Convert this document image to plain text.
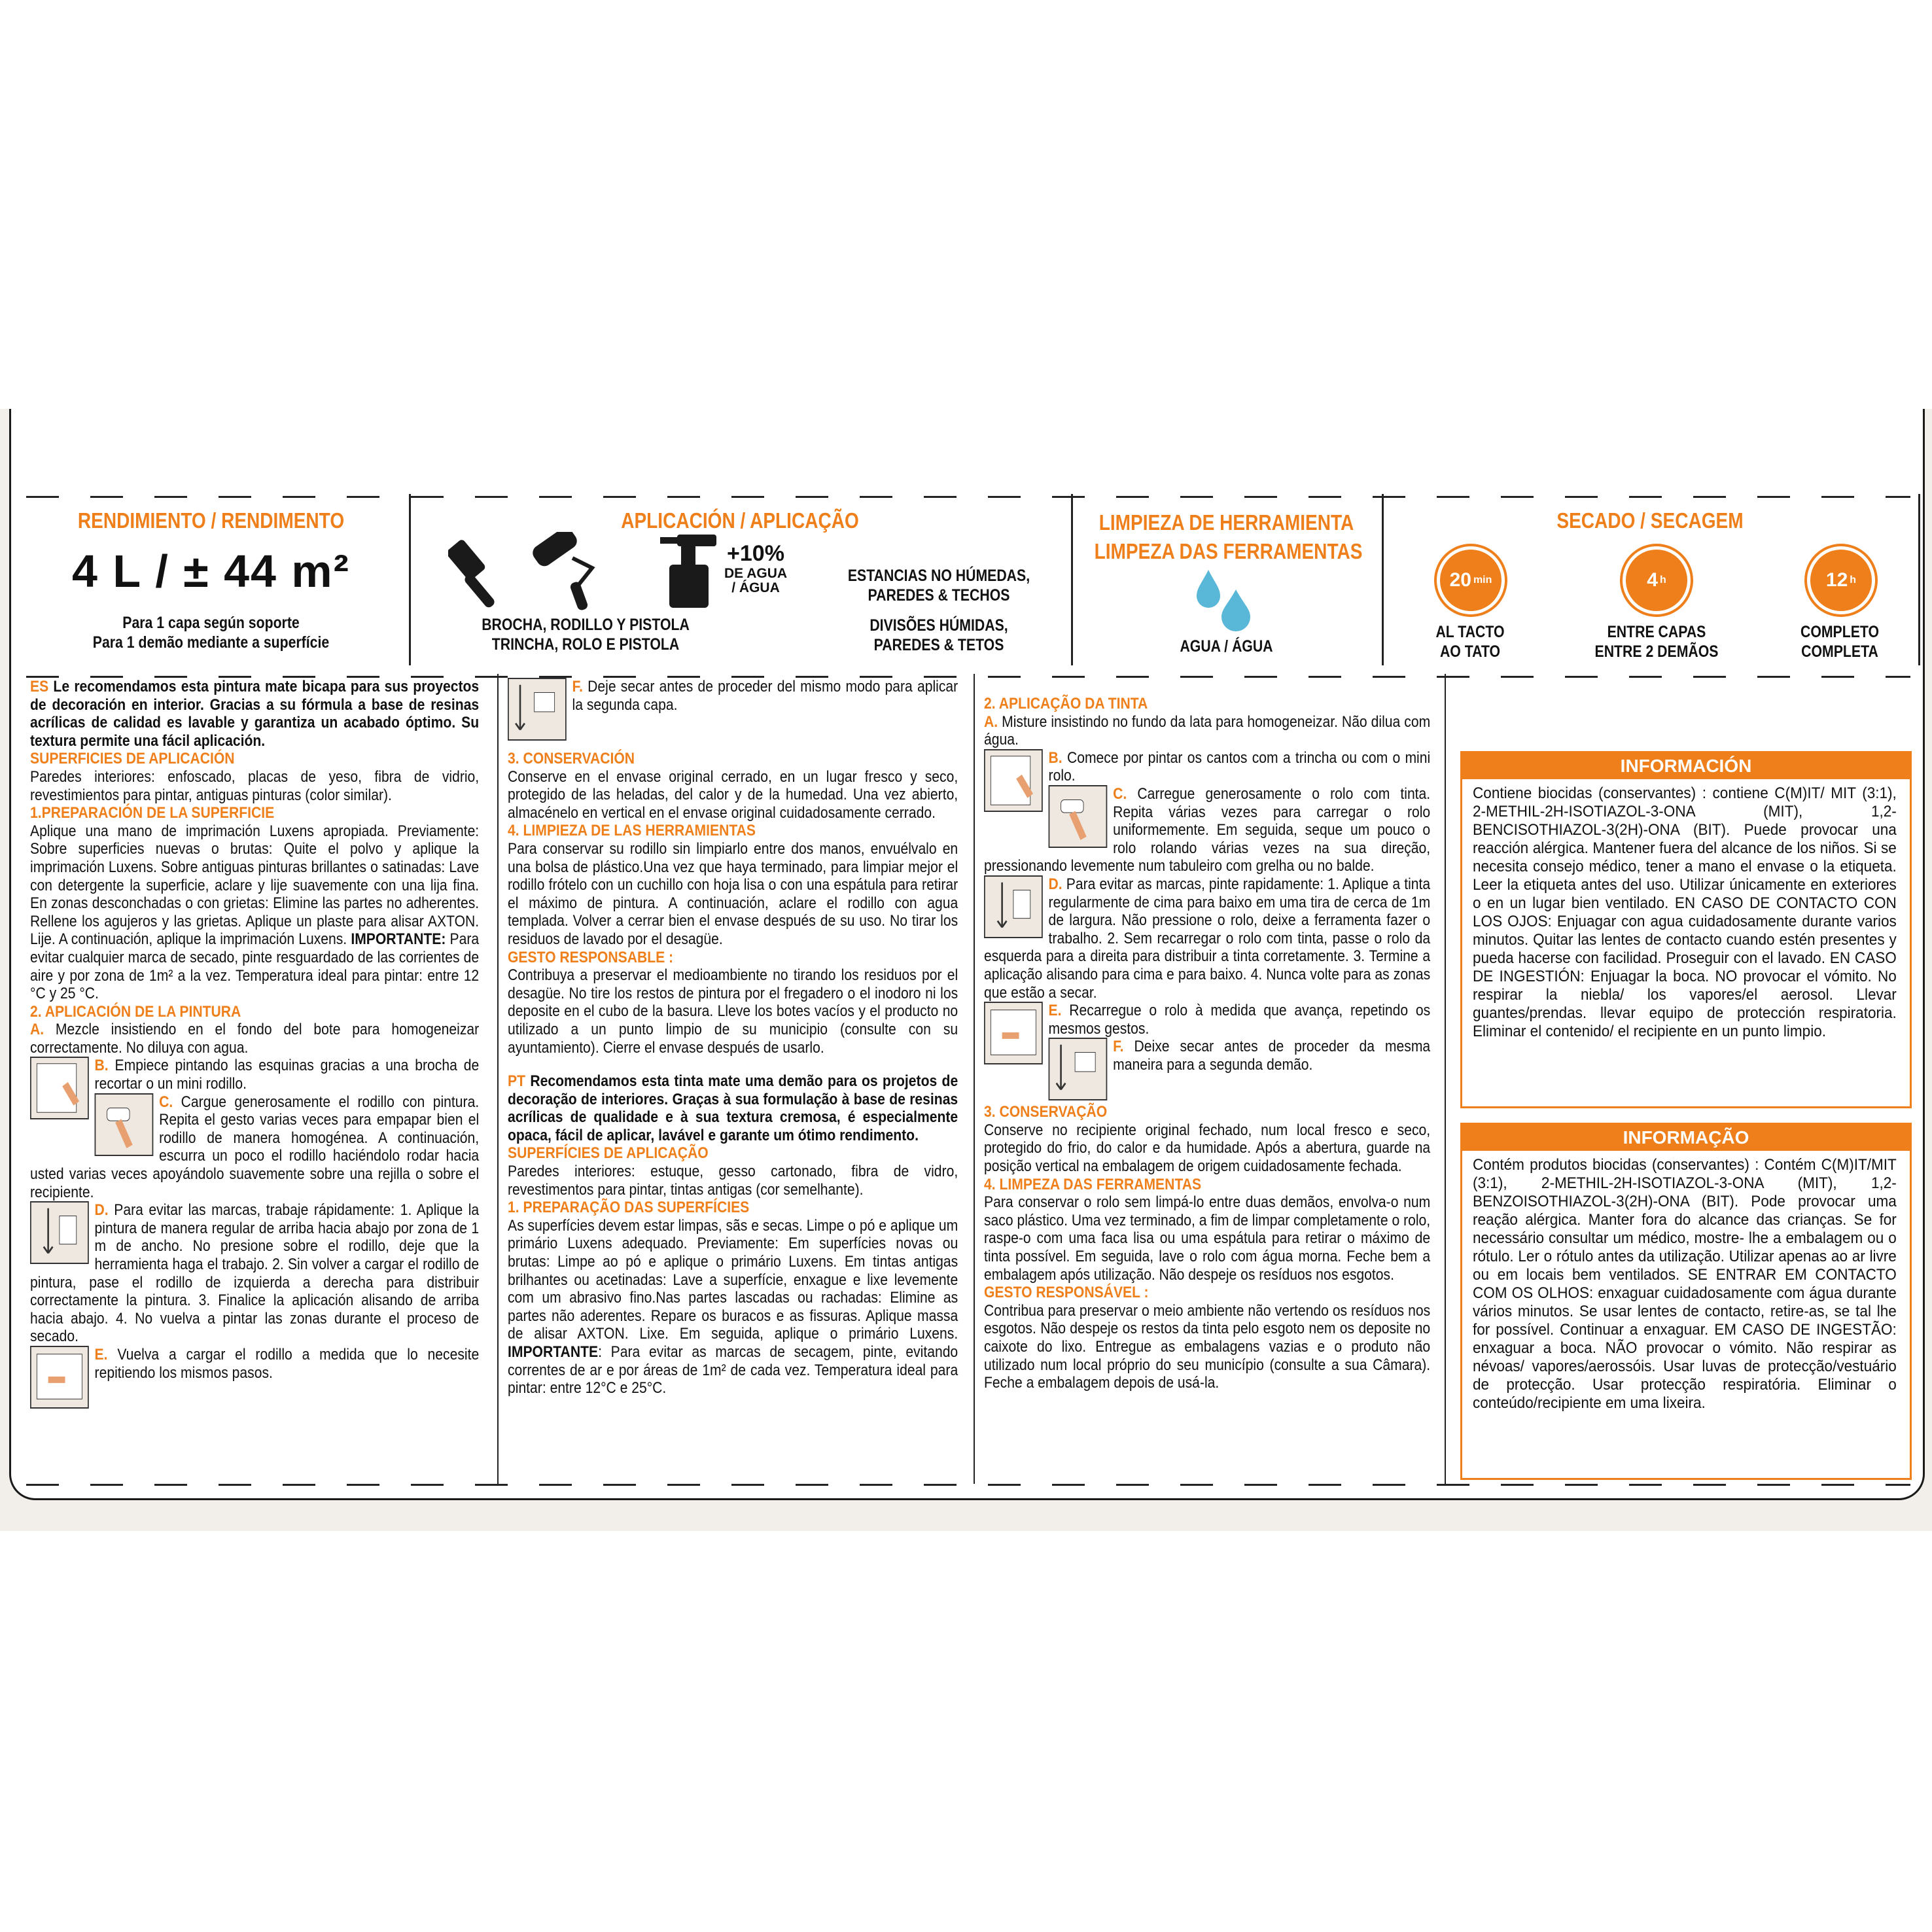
RENDIMIENTO / RENDIMENTO
4 L / ± 44 m²
Para 1 capa según soporte
Para 1 demão mediante a superfície
APLICACIÓN / APLICAÇÃO
+10%
DE AGUA
/ ÁGUA
BROCHA, RODILLO Y PISTOLA
TRINCHA, ROLO E PISTOLA
ESTANCIAS NO HÚMEDAS,
PAREDES & TECHOS
DIVISÕES HÚMIDAS,
PAREDES & TETOS
LIMPIEZA DE HERRAMIENTA
LIMPEZA DAS FERRAMENTAS
AGUA / ÁGUA
SECADO / SECAGEM
20 min	4 h	12 h
AL TACTO
AO TATO
ENTRE CAPAS
ENTRE 2 DEMÃOS
COMPLETO
COMPLETA
ES Le recomendamos esta pintura mate bicapa para sus proyectos de decoración en interior. Gracias a su fórmula a base de resinas acrílicas de calidad es lavable y garantiza un acabado óptimo. Su textura permite una fácil aplicación.
SUPERFICIES DE APLICACIÓN
Paredes interiores: enfoscado, placas de yeso, fibra de vidrio, revestimientos para pintar, antiguas pinturas (color similar).
1.PREPARACIÓN DE LA SUPERFICIE
Aplique una mano de imprimación Luxens apropiada. Previamente: Sobre superficies nuevas o brutas: Quite el polvo y aplique la imprimación Luxens. Sobre antiguas pinturas brillantes o satinadas: Lave con detergente la superficie, aclare y lije suavemente con una lija fina. En zonas desconchadas o con grietas: Elimine las partes no adherentes. Rellene los agujeros y las grietas. Aplique un plaste para alisar AXTON. Lije. A continuación, aplique la imprimación Luxens. IMPORTANTE: Para evitar cualquier marca de secado, pinte resguardado de las corrientes de aire y por zona de 1m² a la vez. Temperatura ideal para pintar: entre 12 °C y 25 °C.
2. APLICACIÓN DE LA PINTURA
A. Mezcle insistiendo en el fondo del bote para homogeneizar correctamente. No diluya con agua.
B. Empiece pintando las esquinas gracias a una brocha de recortar o un mini rodillo.
C. Cargue generosamente el rodillo con pintura. Repita el gesto varias veces para empapar bien el rodillo de manera homogénea. A continuación, escurra un poco el rodillo haciéndolo rodar hacia usted varias veces apoyándolo suavemente sobre una rejilla o sobre el recipiente.
D. Para evitar las marcas, trabaje rápidamente: 1. Aplique la pintura de manera regular de arriba hacia abajo por zona de 1 m de ancho. No presione sobre el rodillo, deje que la herramienta haga el trabajo. 2. Sin volver a cargar el rodillo de pintura, pase el rodillo de izquierda a derecha para distribuir correctamente la pintura. 3. Finalice la aplicación alisando de arriba hacia abajo. 4. No vuelva a pintar las zonas durante el proceso de secado.
E. Vuelva a cargar el rodillo a medida que lo necesite repitiendo los mismos pasos.
F. Deje secar antes de proceder del mismo modo para aplicar la segunda capa.
3. CONSERVACIÓN
Conserve en el envase original cerrado, en un lugar fresco y seco, protegido de las heladas, del calor y de la humedad. Una vez abierto, almacénelo en vertical en el envase original cuidadosamente cerrado.
4. LIMPIEZA DE LAS HERRAMIENTAS
Para conservar su rodillo sin limpiarlo entre dos manos, envuélvalo en una bolsa de plástico.Una vez que haya terminado, para limpiar mejor el rodillo frótelo con un cuchillo con hoja lisa o con una espátula para retirar el máximo de pintura. A continuación, aclare el rodillo con agua templada. Volver a cerrar bien el envase después de su uso. No tirar los residuos de lavado por el desagüe.
GESTO RESPONSABLE :
Contribuya a preservar el medioambiente no tirando los residuos por el desagüe. No tire los restos de pintura por el fregadero o el inodoro ni los deposite en el cubo de la basura. Lleve los botes vacíos y el producto no utilizado a un punto limpio de su municipio (consulte con su ayuntamiento). Cierre el envase después de usarlo.
PT Recomendamos esta tinta mate uma demão para os projetos de decoração de interiores. Graças à sua formulação à base de resinas acrílicas de qualidade e à sua textura cremosa, é especialmente opaca, fácil de aplicar, lavável e garante um ótimo rendimento.
SUPERFÍCIES DE APLICAÇÃO
Paredes interiores: estuque, gesso cartonado, fibra de vidro, revestimentos para pintar, tintas antigas (cor semelhante).
1. PREPARAÇÃO DAS SUPERFÍCIES
As superfícies devem estar limpas, sãs e secas. Limpe o pó e aplique um primário Luxens adequado. Previamente: Em superfícies novas ou brutas: Limpe ao pó e aplique o primário Luxens. Em tintas antigas brilhantes ou acetinadas: Lave a superfície, enxague e lixe levemente com um abrasivo fino.Nas partes lascadas ou rachadas: Elimine as partes não aderentes. Repare os buracos e as fissuras. Aplique massa de alisar AXTON. Lixe. Em seguida, aplique o primário Luxens. IMPORTANTE: Para evitar as marcas de secagem, pinte, evitando correntes de ar e por áreas de 1m² de cada vez. Temperatura ideal para pintar: entre 12°C e 25°C.
2. APLICAÇÃO DA TINTA
A. Misture insistindo no fundo da lata para homogeneizar. Não dilua com água.
B. Comece por pintar os cantos com a trincha ou com o mini rolo.
C. Carregue generosamente o rolo com tinta. Repita várias vezes para carregar o rolo uniformemente. Em seguida, seque um pouco o rolo rolando várias vezes na sua direção, pressionando levemente num tabuleiro com grelha ou no balde.
D. Para evitar as marcas, pinte rapidamente: 1. Aplique a tinta regularmente de cima para baixo em uma tira de cerca de 1m de largura. Não pressione o rolo, deixe a ferramenta fazer o trabalho. 2. Sem recarregar o rolo com tinta, passe o rolo da esquerda para a direita para distribuir a tinta corretamente. 3. Termine a aplicação alisando para cima e para baixo. 4. Nunca volte para as zonas que estão a secar.
E. Recarregue o rolo à medida que avança, repetindo os mesmos gestos.
F. Deixe secar antes de proceder da mesma maneira para a segunda demão.
3. CONSERVAÇÃO
Conserve no recipiente original fechado, num local fresco e seco, protegido do frio, do calor e da humidade. Após a abertura, guarde na posição vertical na embalagem de origem cuidadosamente fechada.
4. LIMPEZA DAS FERRAMENTAS
Para conservar o rolo sem limpá-lo entre duas demãos, envolva-o num saco plástico. Uma vez terminado, a fim de limpar completamente o rolo, raspe-o com uma faca lisa ou uma espátula para retirar o máximo de tinta possível. Em seguida, lave o rolo com água morna. Feche bem a embalagem após utilização. Não despeje os resíduos nos esgotos.
GESTO RESPONSÁVEL :
Contribua para preservar o meio ambiente não vertendo os resíduos nos esgotos. Não despeje os restos da tinta pelo esgoto nem os deposite no caixote do lixo. Entregue as embalagens vazias e o produto não utilizado num local próprio do seu município (consulte a sua Câmara). Feche a embalagem depois de usá-la.
INFORMACIÓN
Contiene biocidas (conservantes) : contiene C(M)IT/ MIT (3:1), 2-METHIL-2H-ISOTIAZOL-3-ONA (MIT), 1,2-BENCISOTHIAZOL-3(2H)-ONA (BIT). Puede provocar una reacción alérgica. Mantener fuera del alcance de los niños. Si se necesita consejo médico, tener a mano el envase o la etiqueta. Leer la etiqueta antes del uso. Utilizar únicamente en exteriores o en un lugar bien ventilado. EN CASO DE CONTACTO CON LOS OJOS: Enjuagar con agua cuidadosamente durante varios minutos. Quitar las lentes de contacto cuando estén presentes y pueda hacerse con facilidad. Proseguir con el lavado. EN CASO DE INGESTIÓN: Enjuagar la boca. NO provocar el vómito. No respirar la niebla/ los vapores/el aerosol. Llevar guantes/prendas. llevar equipo de protección respiratoria. Eliminar el contenido/ el recipiente en un punto limpio.
INFORMAÇÃO
Contém produtos biocidas (conservantes) : Contém C(M)IT/MIT (3:1), 2-METHIL-2H-ISOTIAZOL-3-ONA (MIT), 1,2-BENZOISOTHIAZOL-3(2H)-ONA (BIT). Pode provocar uma reação alérgica. Manter fora do alcance das crianças. Se for necessário consultar um médico, mostre- lhe a embalagem ou o rótulo. Ler o rótulo antes da utilização. Utilizar apenas ao ar livre ou em locais bem ventilados. SE ENTRAR EM CONTACTO COM OS OLHOS: enxaguar cuidadosamente com água durante vários minutos. Se usar lentes de contacto, retire-as, se tal lhe for possível. Continuar a enxaguar. EM CASO DE INGESTÃO: enxaguar a boca. NÃO provocar o vómito. Não respirar as névoas/ vapores/aerossóis. Usar luvas de protecção/vestuário de protecção. Usar protecção respiratória. Eliminar o conteúdo/recipiente em uma lixeira.
